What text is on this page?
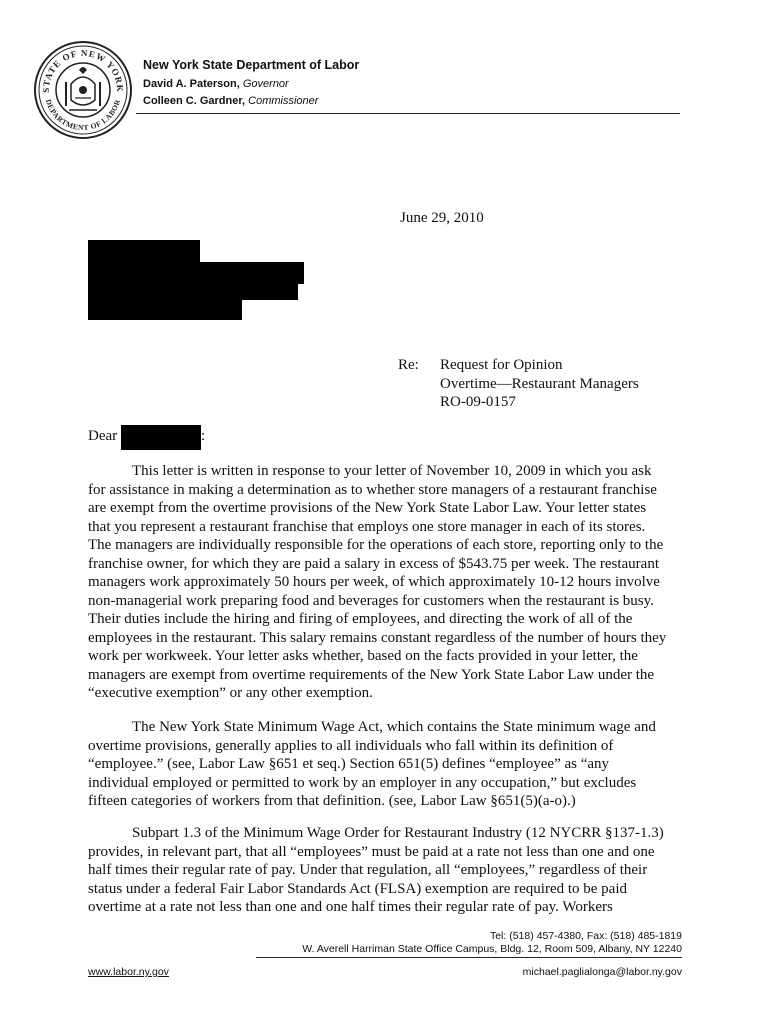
STATE OF NEW YORK
DEPARTMENT OF LABOR
New York State Department of Labor
David A. Paterson, Governor
Colleen C. Gardner, Commissioner
June 29, 2010
Re: Request for Opinion
Overtime—Restaurant Managers
RO-09-0157
Dear	:
This letter is written in response to your letter of November 10, 2009 in which you ask
for assistance in making a determination as to whether store managers of a restaurant franchise
are exempt from the overtime provisions of the New York State Labor Law. Your letter states
that you represent a restaurant franchise that employs one store manager in each of its stores.
The managers are individually responsible for the operations of each store, reporting only to the
franchise owner, for which they are paid a salary in excess of $543.75 per week. The restaurant
managers work approximately 50 hours per week, of which approximately 10-12 hours involve
non-managerial work preparing food and beverages for customers when the restaurant is busy.
Their duties include the hiring and firing of employees, and directing the work of all of the
employees in the restaurant. This salary remains constant regardless of the number of hours they
work per workweek. Your letter asks whether, based on the facts provided in your letter, the
managers are exempt from overtime requirements of the New York State Labor Law under the
“executive exemption” or any other exemption.
The New York State Minimum Wage Act, which contains the State minimum wage and
overtime provisions, generally applies to all individuals who fall within its definition of
“employee.” (see, Labor Law §651 et seq.) Section 651(5) defines “employee” as “any
individual employed or permitted to work by an employer in any occupation,” but excludes
fifteen categories of workers from that definition. (see, Labor Law §651(5)(a-o).)
Subpart 1.3 of the Minimum Wage Order for Restaurant Industry (12 NYCRR §137-1.3)
provides, in relevant part, that all “employees” must be paid at a rate not less than one and one
half times their regular rate of pay. Under that regulation, all “employees,” regardless of their
status under a federal Fair Labor Standards Act (FLSA) exemption are required to be paid
overtime at a rate not less than one and one half times their regular rate of pay. Workers
Tel: (518) 457-4380, Fax: (518) 485-1819
W. Averell Harriman State Office Campus, Bldg. 12, Room 509, Albany, NY 12240
www.labor.ny.gov	michael.paglialonga@labor.ny.gov
